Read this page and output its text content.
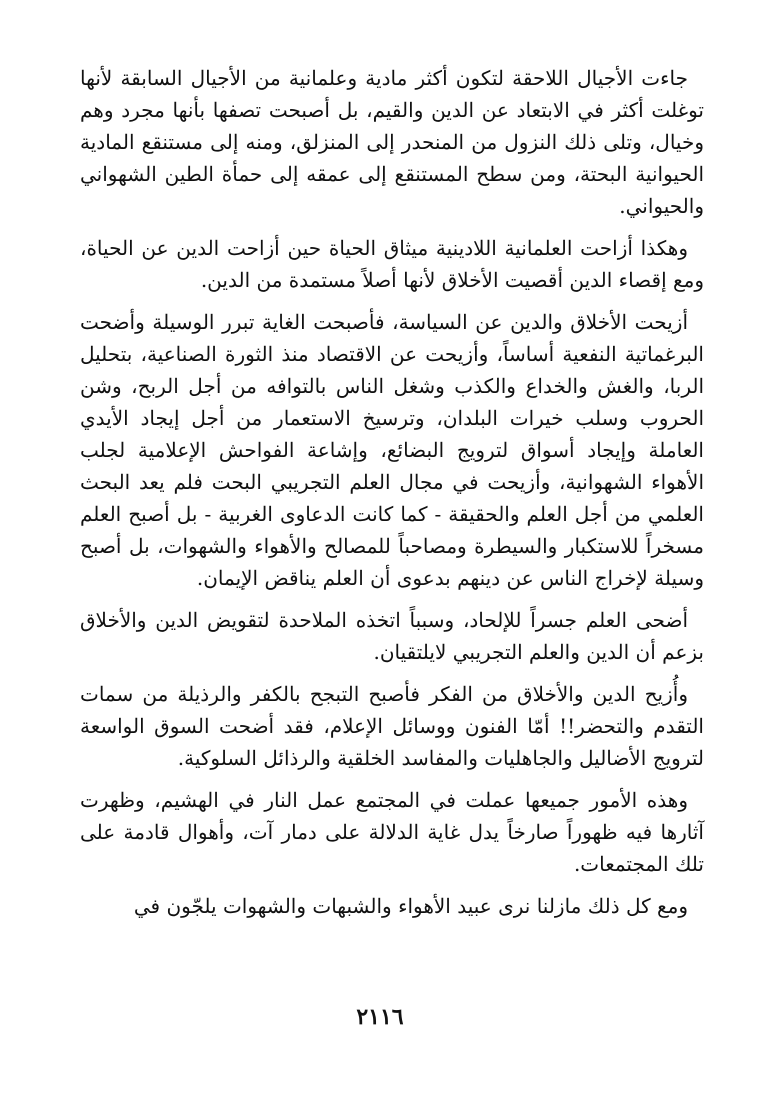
جاءت الأجيال اللاحقة لتكون أكثر مادية وعلمانية من الأجيال السابقة لأنها توغلت أكثر في الابتعاد عن الدين والقيم، بل أصبحت تصفها بأنها مجرد وهم وخيال، وتلى ذلك النزول من المنحدر إلى المنزلق، ومنه إلى مستنقع المادية الحيوانية البحتة، ومن سطح المستنقع إلى عمقه إلى حمأة الطين الشهواني والحيواني.

وهكذا أزاحت العلمانية اللادينية ميثاق الحياة حين أزاحت الدين عن الحياة، ومع إقصاء الدين أقصيت الأخلاق لأنها أصلاً مستمدة من الدين.

أزيحت الأخلاق والدين عن السياسة، فأصبحت الغاية تبرر الوسيلة وأضحت البرغماتية النفعية أساساً، وأزيحت عن الاقتصاد منذ الثورة الصناعية، بتحليل الربا، والغش والخداع والكذب وشغل الناس بالتوافه من أجل الربح، وشن الحروب وسلب خيرات البلدان، وترسيخ الاستعمار من أجل إيجاد الأيدي العاملة وإيجاد أسواق لترويج البضائع، وإشاعة الفواحش الإعلامية لجلب الأهواء الشهوانية، وأزيحت في مجال العلم التجريبي البحت فلم يعد البحث العلمي من أجل العلم والحقيقة - كما كانت الدعاوى الغربية - بل أصبح العلم مسخراً للاستكبار والسيطرة ومصاحباً للمصالح والأهواء والشهوات، بل أصبح وسيلة لإخراج الناس عن دينهم بدعوى أن العلم يناقض الإيمان.

أضحى العلم جسراً للإلحاد، وسبباً اتخذه الملاحدة لتقويض الدين والأخلاق بزعم أن الدين والعلم التجريبي لايلتقيان.

وأُزيح الدين والأخلاق من الفكر فأصبح التبجح بالكفر والرذيلة من سمات التقدم والتحضر!! أمّا الفنون ووسائل الإعلام، فقد أضحت السوق الواسعة لترويج الأضاليل والجاهليات والمفاسد الخلقية والرذائل السلوكية.

وهذه الأمور جميعها عملت في المجتمع عمل النار في الهشيم، وظهرت آثارها فيه ظهوراً صارخاً يدل غاية الدلالة على دمار آت، وأهوال قادمة على تلك المجتمعات.

ومع كل ذلك مازلنا نرى عبيد الأهواء والشبهات والشهوات يلجّون في

٢١١٦
